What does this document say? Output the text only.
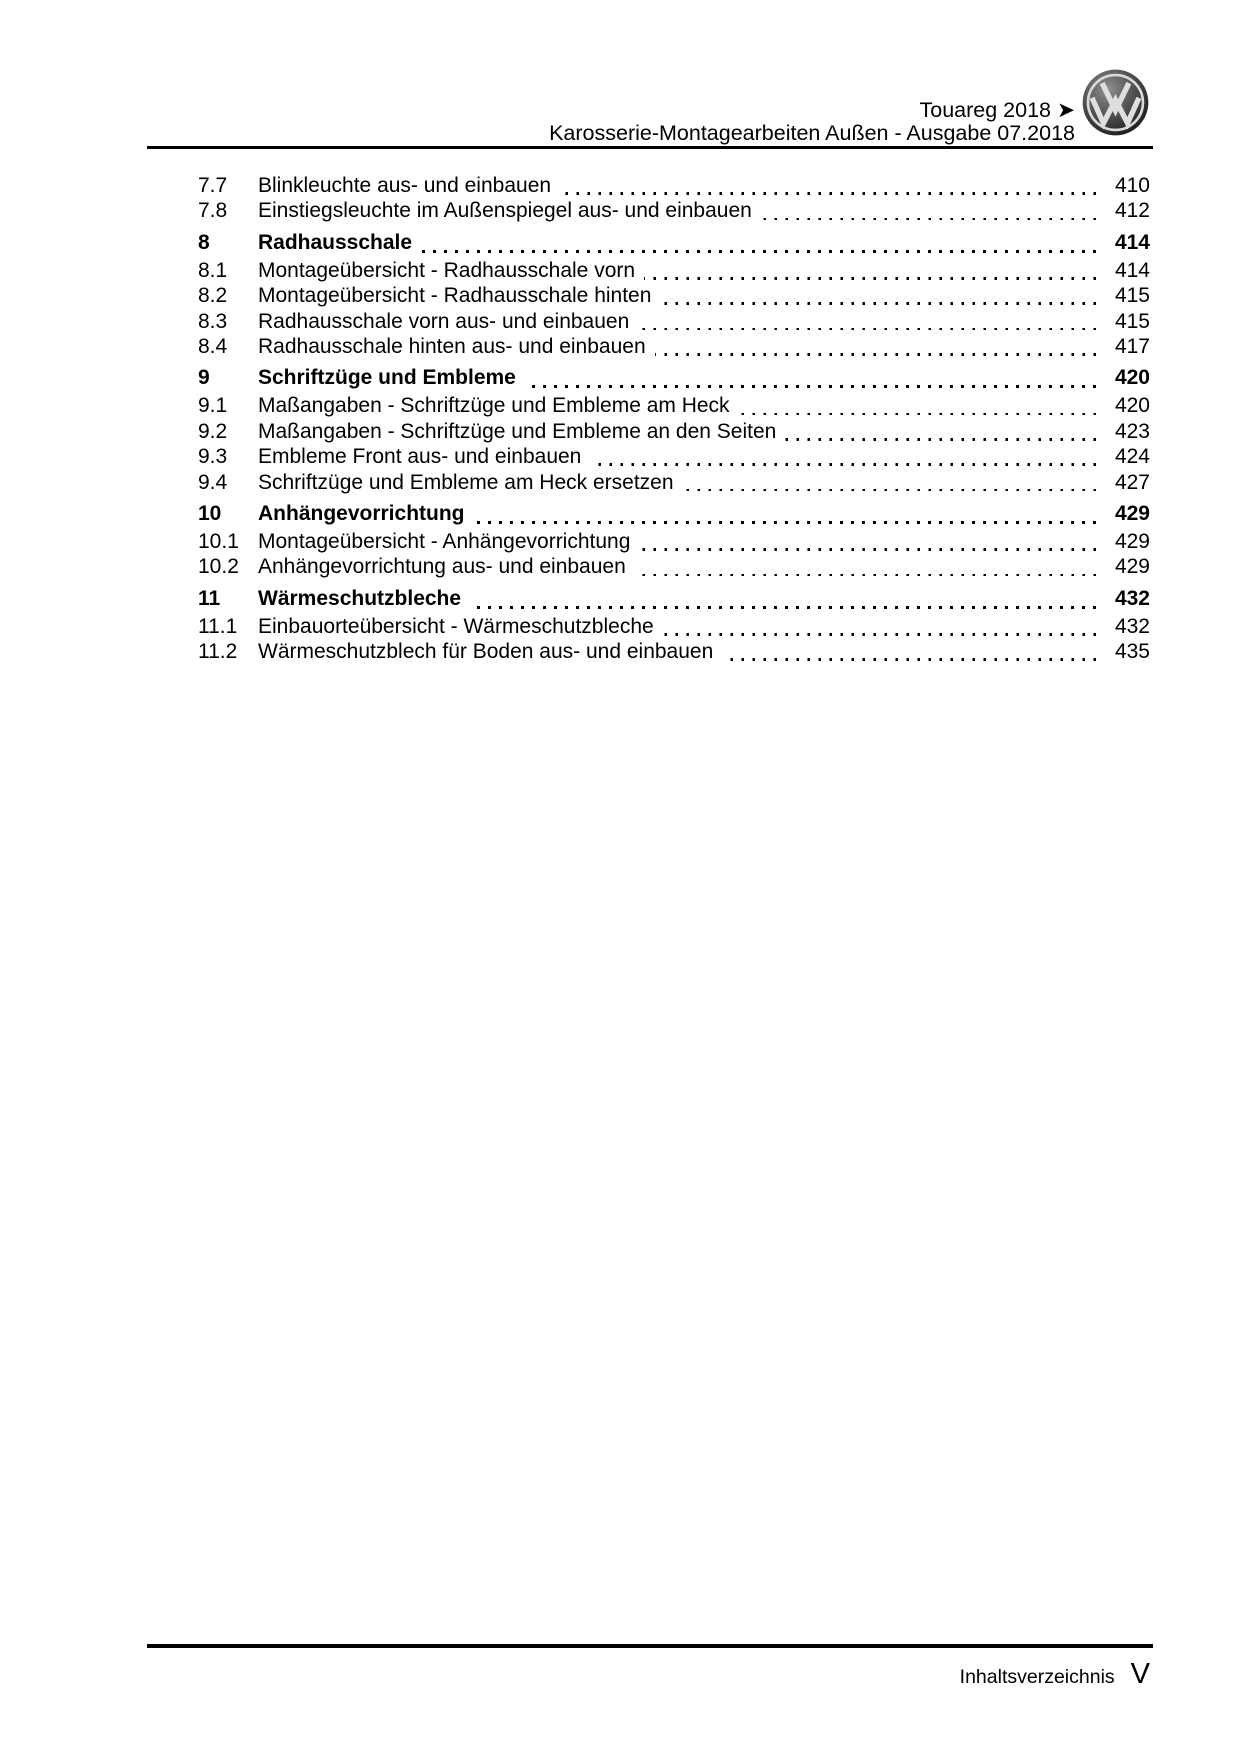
Touareg 2018 ➤
Karosserie-Montagearbeiten Außen - Ausgabe 07.2018
7.7	Blinkleuchte aus- und einbauen	410
7.8	Einstiegsleuchte im Außenspiegel aus- und einbauen	412
8	Radhausschale	414
8.1	Montageübersicht - Radhausschale vorn	414
8.2	Montageübersicht - Radhausschale hinten	415
8.3	Radhausschale vorn aus- und einbauen	415
8.4	Radhausschale hinten aus- und einbauen	417
9	Schriftzüge und Embleme	420
9.1	Maßangaben - Schriftzüge und Embleme am Heck	420
9.2	Maßangaben - Schriftzüge und Embleme an den Seiten	423
9.3	Embleme Front aus- und einbauen	424
9.4	Schriftzüge und Embleme am Heck ersetzen	427
10	Anhängevorrichtung	429
10.1 Montageübersicht - Anhängevorrichtung	429
10.2 Anhängevorrichtung aus- und einbauen	429
11	Wärmeschutzbleche	432
11.1 Einbauorteübersicht - Wärmeschutzbleche	432
11.2 Wärmeschutzblech für Boden aus- und einbauen	435
Inhaltsverzeichnis V
